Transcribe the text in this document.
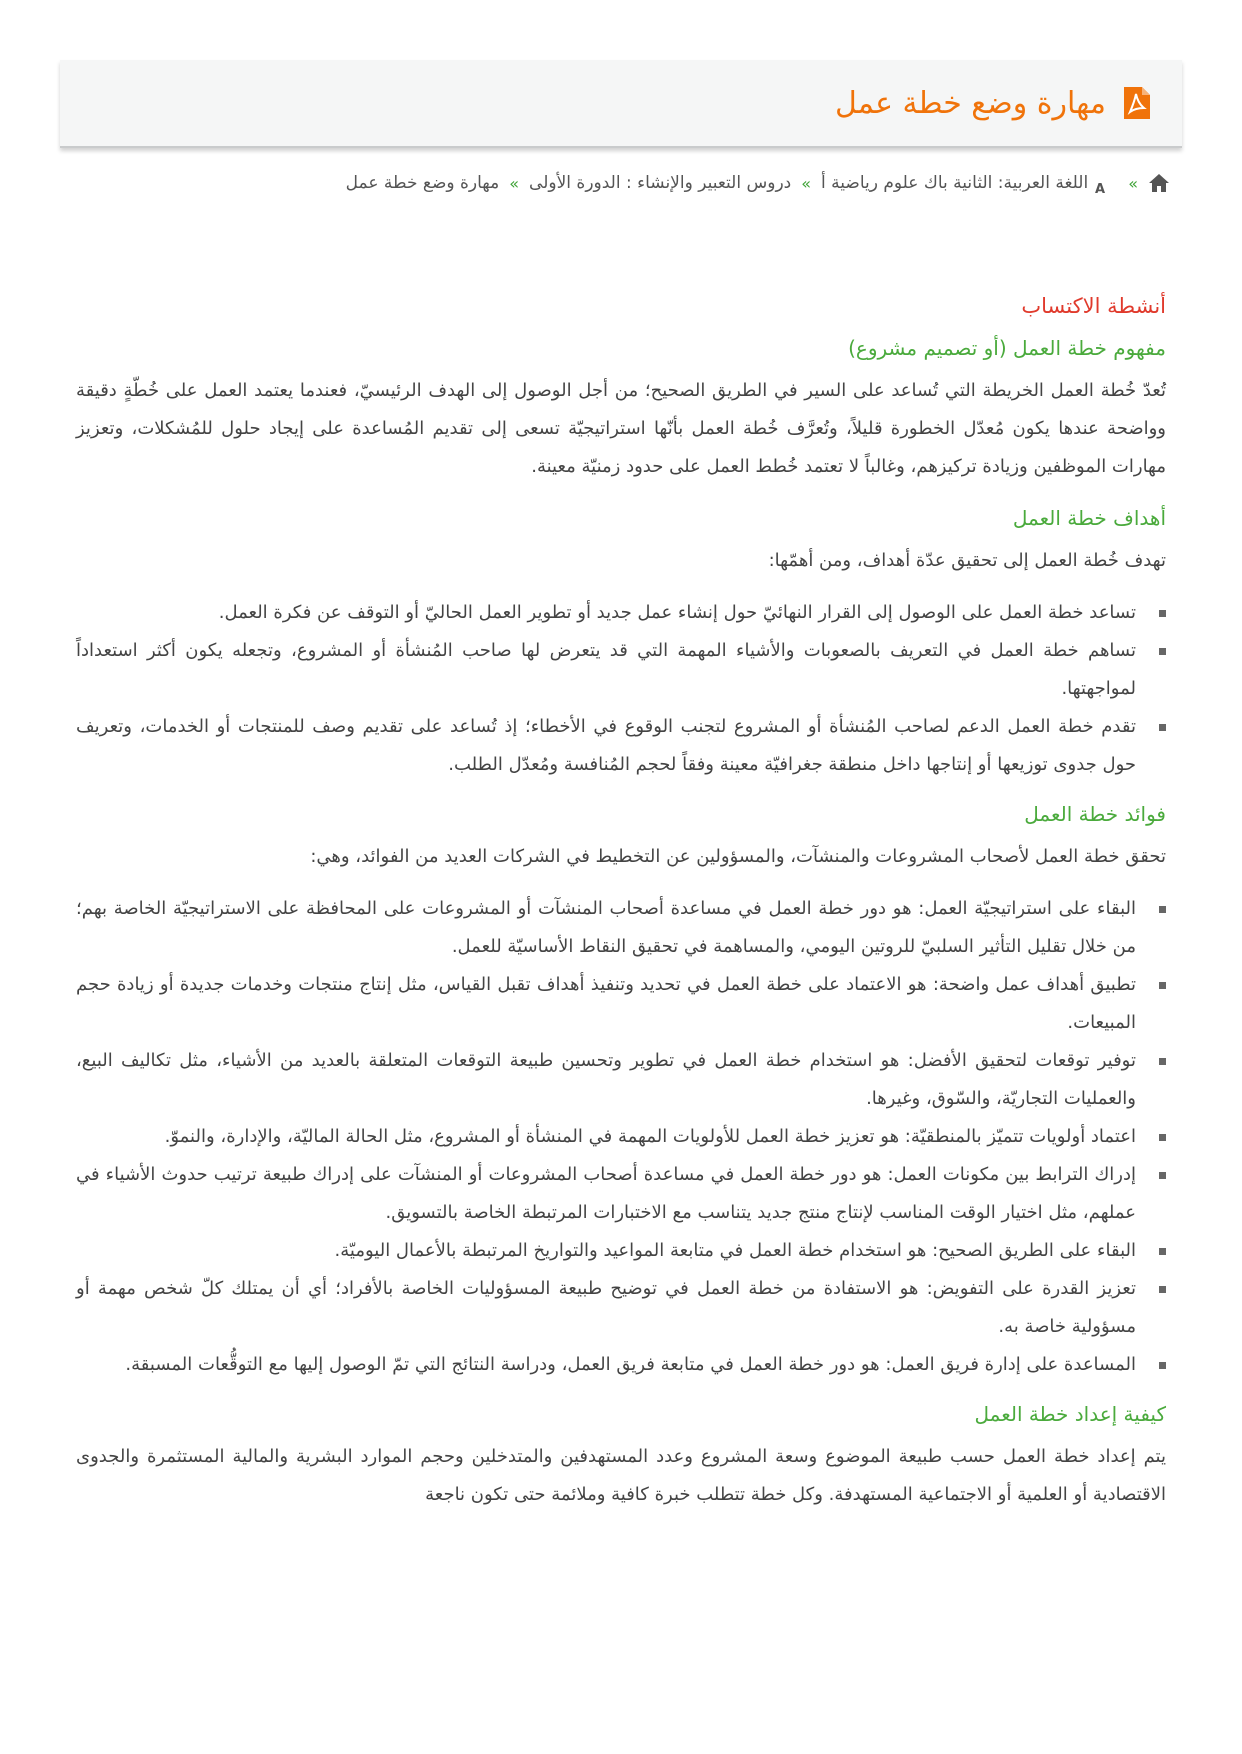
مهارة وضع خطة عمل
»
A
اللغة العربية: الثانية باك علوم رياضية أ
»
دروس التعبير والإنشاء : الدورة الأولى
»
مهارة وضع خطة عمل
أنشطة الاكتساب
مفهوم خطة العمل (أو تصميم مشروع)

تُعدّ خُطة العمل الخريطة التي تُساعد على السير في الطريق الصحيح؛ من أجل الوصول إلى الهدف الرئيسيّ، فعندما يعتمد العمل على خُطّةٍ دقيقة وواضحة عندها يكون مُعدّل الخطورة قليلاً، وتُعرَّف خُطة العمل بأنّها استراتيجيّة تسعى إلى تقديم المُساعدة على إيجاد حلول للمُشكلات، وتعزيز مهارات الموظفين وزيادة تركيزهم، وغالباً لا تعتمد خُطط العمل على حدود زمنيّة معينة.

أهداف خطة العمل

تهدف خُطة العمل إلى تحقيق عدّة أهداف، ومن أهمّها:

تساعد خطة العمل على الوصول إلى القرار النهائيّ حول إنشاء عمل جديد أو تطوير العمل الحاليّ أو التوقف عن فكرة العمل.
تساهم خطة العمل في التعريف بالصعوبات والأشياء المهمة التي قد يتعرض لها صاحب المُنشأة أو المشروع، وتجعله يكون أكثر استعداداً لمواجهتها.
تقدم خطة العمل الدعم لصاحب المُنشأة أو المشروع لتجنب الوقوع في الأخطاء؛ إذ تُساعد على تقديم وصف للمنتجات أو الخدمات، وتعريف حول جدوى توزيعها أو إنتاجها داخل منطقة جغرافيّة معينة وفقاً لحجم المُنافسة ومُعدّل الطلب.
فوائد خطة العمل

تحقق خطة العمل لأصحاب المشروعات والمنشآت، والمسؤولين عن التخطيط في الشركات العديد من الفوائد، وهي:

البقاء على استراتيجيّة العمل: هو دور خطة العمل في مساعدة أصحاب المنشآت أو المشروعات على المحافظة على الاستراتيجيّة الخاصة بهم؛ من خلال تقليل التأثير السلبيّ للروتين اليومي، والمساهمة في تحقيق النقاط الأساسيّة للعمل.
تطبيق أهداف عمل واضحة: هو الاعتماد على خطة العمل في تحديد وتنفيذ أهداف تقبل القياس، مثل إنتاج منتجات وخدمات جديدة أو زيادة حجم المبيعات.
توفير توقعات لتحقيق الأفضل: هو استخدام خطة العمل في تطوير وتحسين طبيعة التوقعات المتعلقة بالعديد من الأشياء، مثل تكاليف البيع، والعمليات التجاريّة، والسّوق، وغيرها.
اعتماد أولويات تتميّز بالمنطقيّة: هو تعزيز خطة العمل للأولويات المهمة في المنشأة أو المشروع، مثل الحالة الماليّة، والإدارة، والنموّ.
إدراك الترابط بين مكونات العمل: هو دور خطة العمل في مساعدة أصحاب المشروعات أو المنشآت على إدراك طبيعة ترتيب حدوث الأشياء في عملهم، مثل اختيار الوقت المناسب لإنتاج منتج جديد يتناسب مع الاختبارات المرتبطة الخاصة بالتسويق.
البقاء على الطريق الصحيح: هو استخدام خطة العمل في متابعة المواعيد والتواريخ المرتبطة بالأعمال اليوميّة.
تعزيز القدرة على التفويض: هو الاستفادة من خطة العمل في توضيح طبيعة المسؤوليات الخاصة بالأفراد؛ أي أن يمتلك كلّ شخص مهمة أو مسؤولية خاصة به.
المساعدة على إدارة فريق العمل: هو دور خطة العمل في متابعة فريق العمل، ودراسة النتائج التي تمّ الوصول إليها مع التوقُّعات المسبقة.
كيفية إعداد خطة العمل

يتم إعداد خطة العمل حسب طبيعة الموضوع وسعة المشروع وعدد المستهدفين والمتدخلين وحجم الموارد البشرية والمالية المستثمرة والجدوى الاقتصادية أو العلمية أو الاجتماعية المستهدفة. وكل خطة تتطلب خبرة كافية وملائمة حتى تكون ناجعة
